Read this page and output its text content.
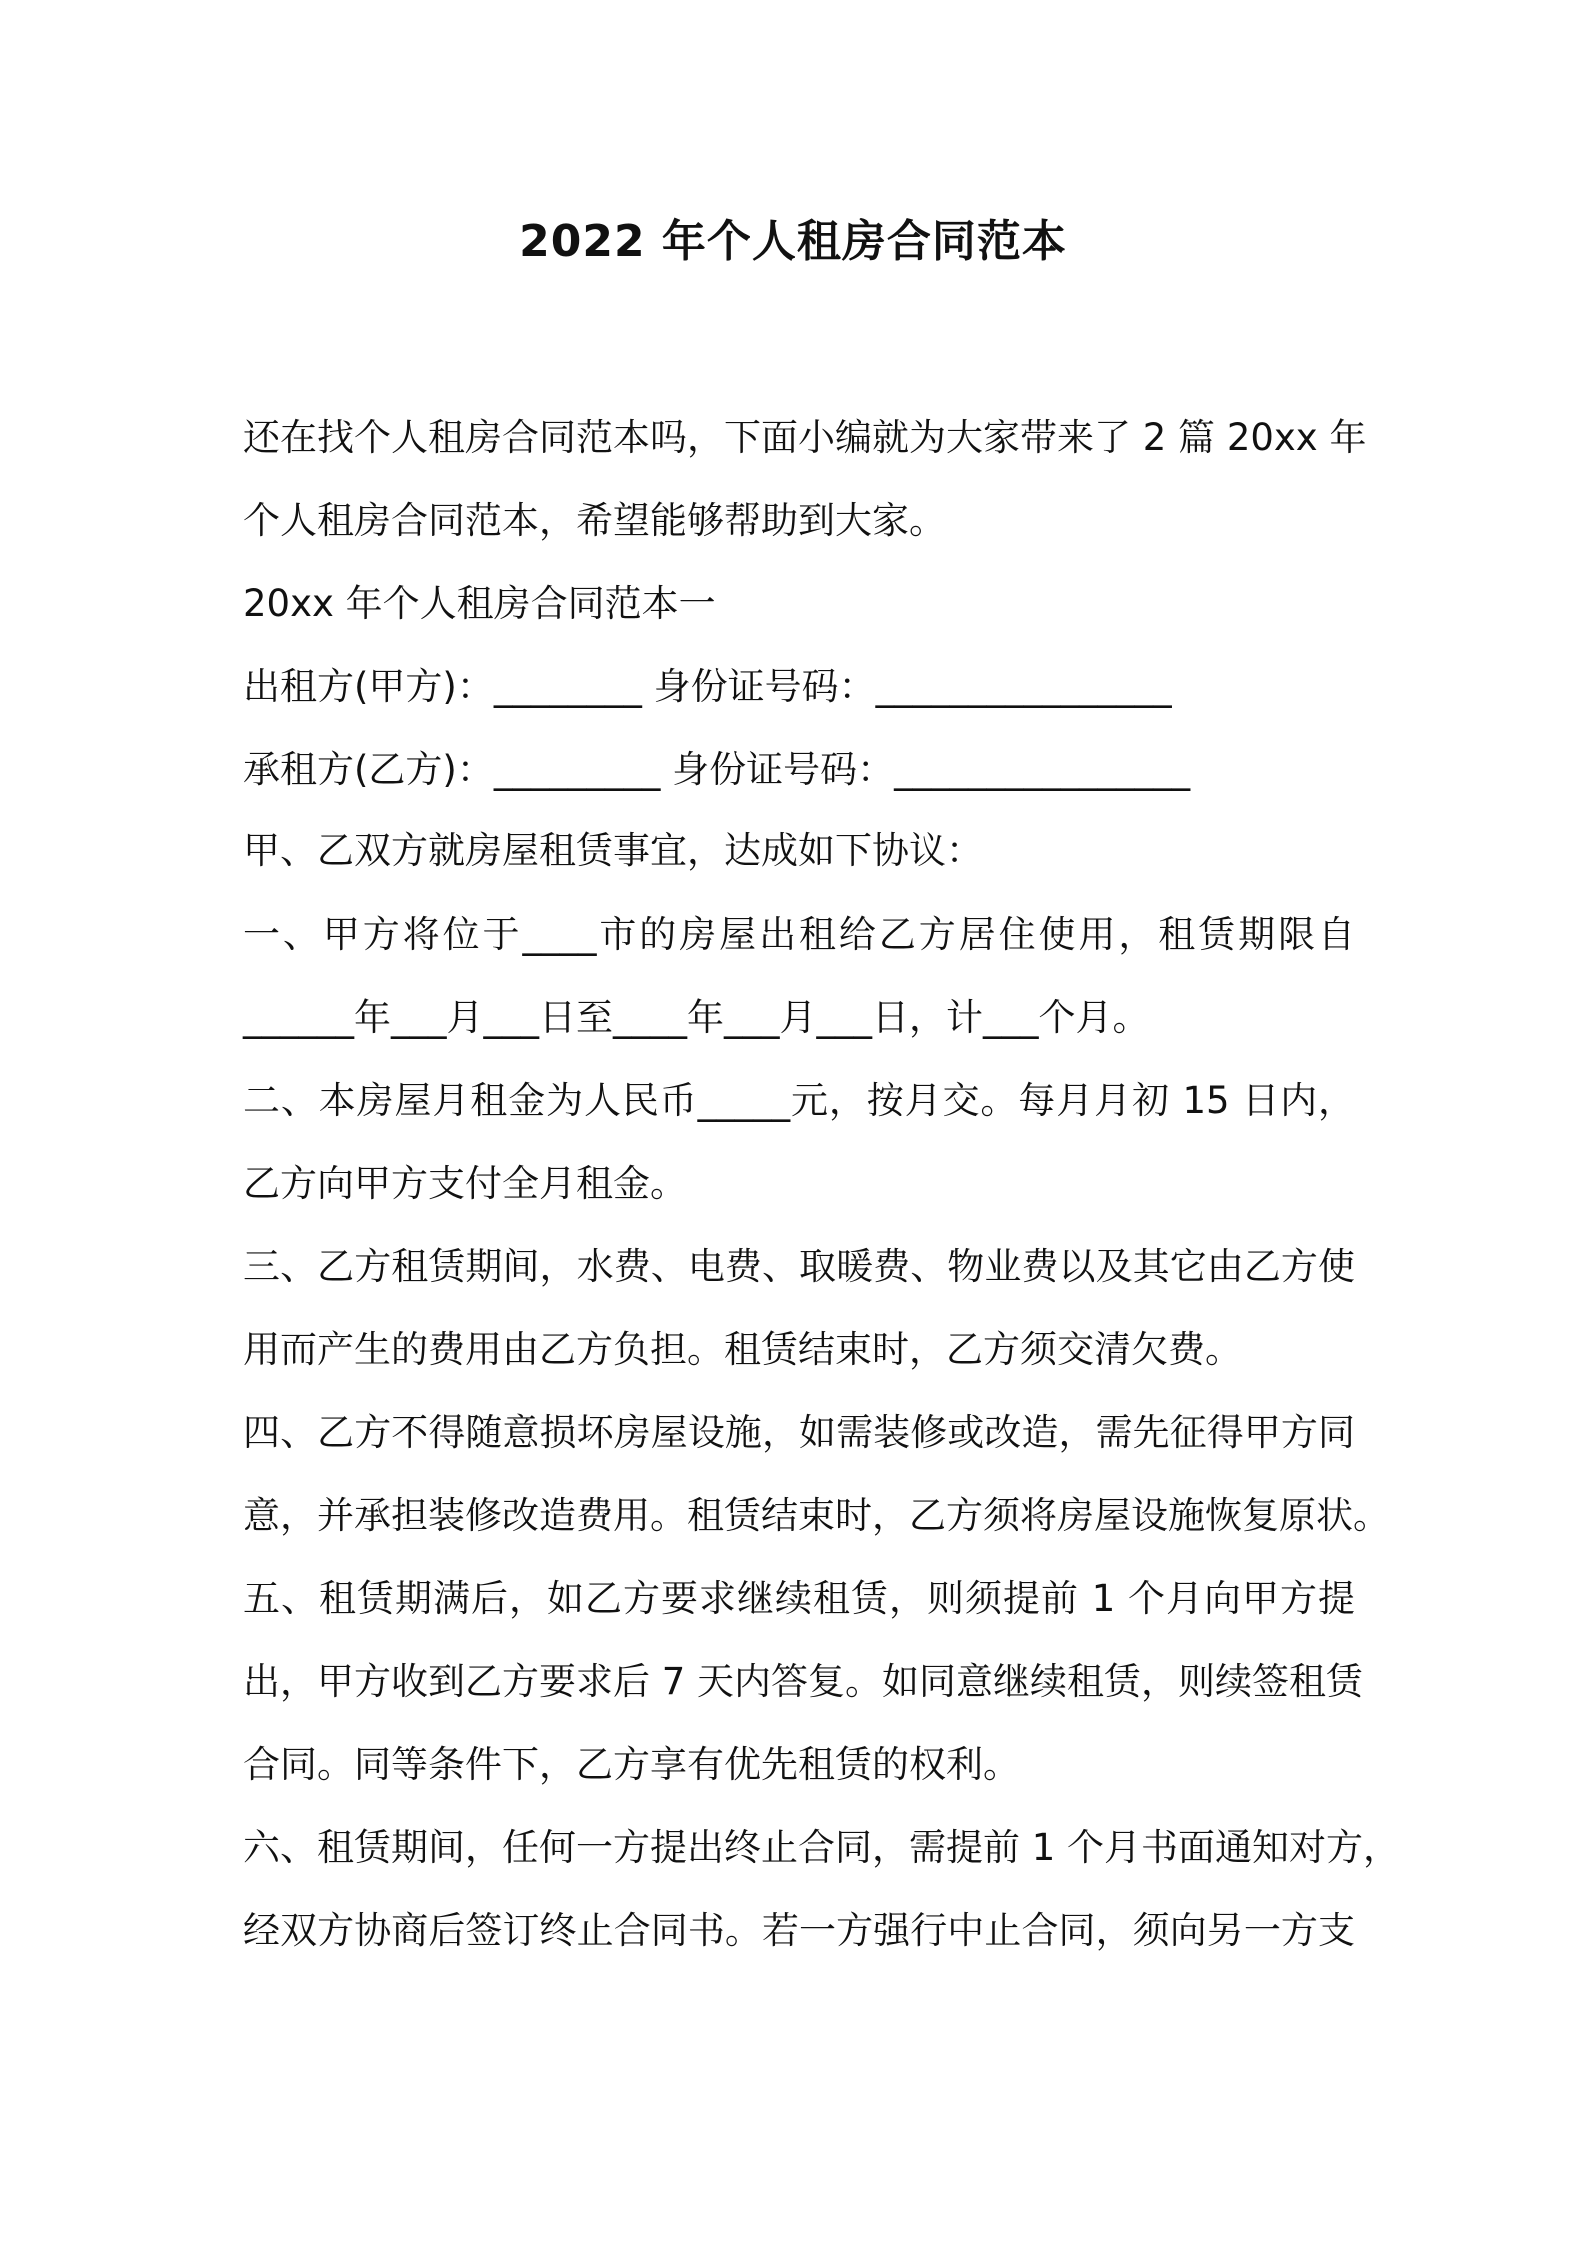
2022 年个人租房合同范本
还在找个人租房合同范本吗，下面小编就为大家带来了 2 篇 20xx 年
个人租房合同范本，希望能够帮助到大家。
20xx 年个人租房合同范本一
出租方(甲方)：________ 身份证号码：________________
承租方(乙方)：_________ 身份证号码：________________
甲、乙双方就房屋租赁事宜，达成如下协议：
一、甲方将位于____市的房屋出租给乙方居住使用，租赁期限自
______年___月___日至____年___月___日，计___个月。
二、本房屋月租金为人民币_____元，按月交。每月月初 15 日内，
乙方向甲方支付全月租金。
三、乙方租赁期间，水费、电费、取暖费、物业费以及其它由乙方使
用而产生的费用由乙方负担。租赁结束时，乙方须交清欠费。
四、乙方不得随意损坏房屋设施，如需装修或改造，需先征得甲方同
意，并承担装修改造费用。租赁结束时，乙方须将房屋设施恢复原状。
五、租赁期满后，如乙方要求继续租赁，则须提前 1 个月向甲方提
出，甲方收到乙方要求后 7 天内答复。如同意继续租赁，则续签租赁
合同。同等条件下，乙方享有优先租赁的权利。
六、租赁期间，任何一方提出终止合同，需提前 1 个月书面通知对方，
经双方协商后签订终止合同书。若一方强行中止合同，须向另一方支
